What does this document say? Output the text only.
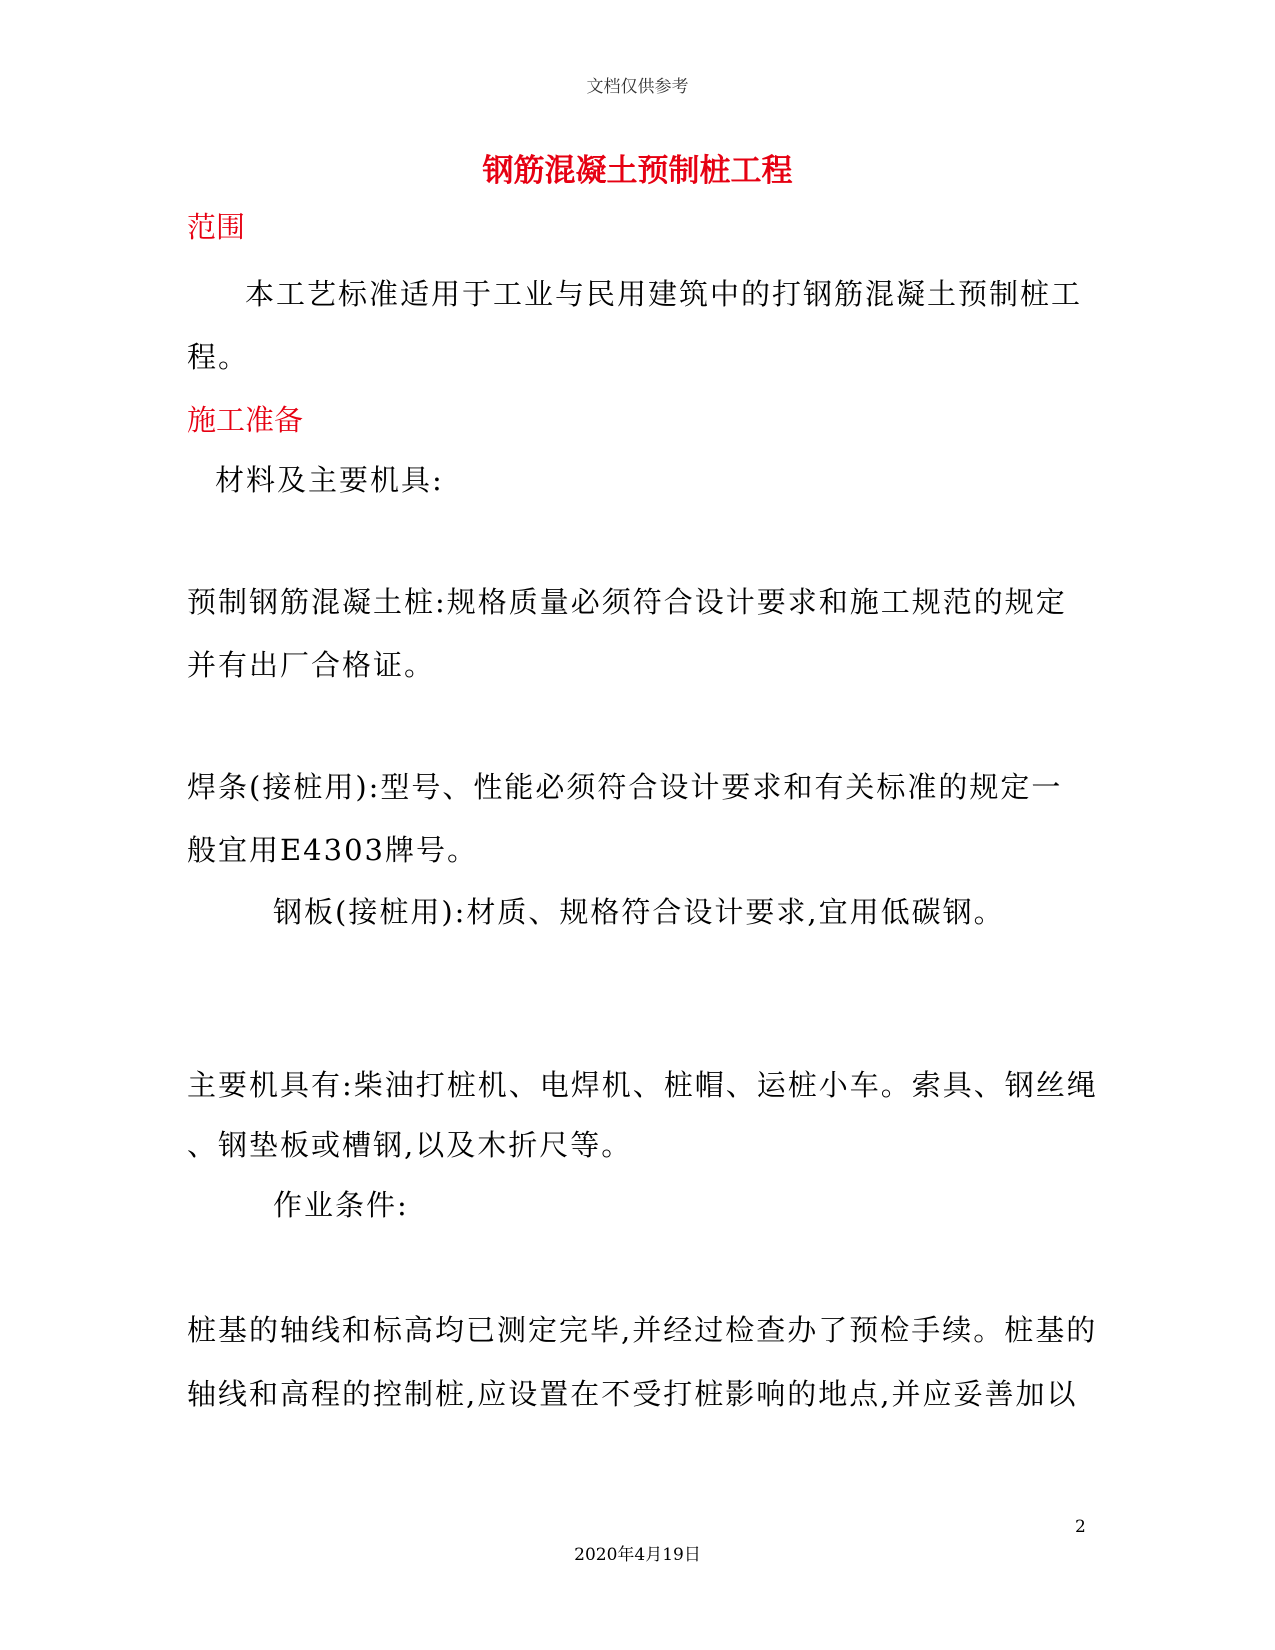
文档仅供参考
钢筋混凝土预制桩工程
范围
本工艺标准适用于工业与民用建筑中的打钢筋混凝土预制桩工
程。
施工准备
材料及主要机具:
预制钢筋混凝土桩:规格质量必须符合设计要求和施工规范的规定
并有出厂合格证。
焊条(接桩用):型号、性能必须符合设计要求和有关标准的规定一
般宜用E4303牌号。
钢板(接桩用):材质、规格符合设计要求,宜用低碳钢。
主要机具有:柴油打桩机、电焊机、桩帽、运桩小车。索具、钢丝绳
、钢垫板或槽钢,以及木折尺等。
作业条件:
桩基的轴线和标高均已测定完毕,并经过检查办了预检手续。桩基的
轴线和高程的控制桩,应设置在不受打桩影响的地点,并应妥善加以
2
2020年4月19日
